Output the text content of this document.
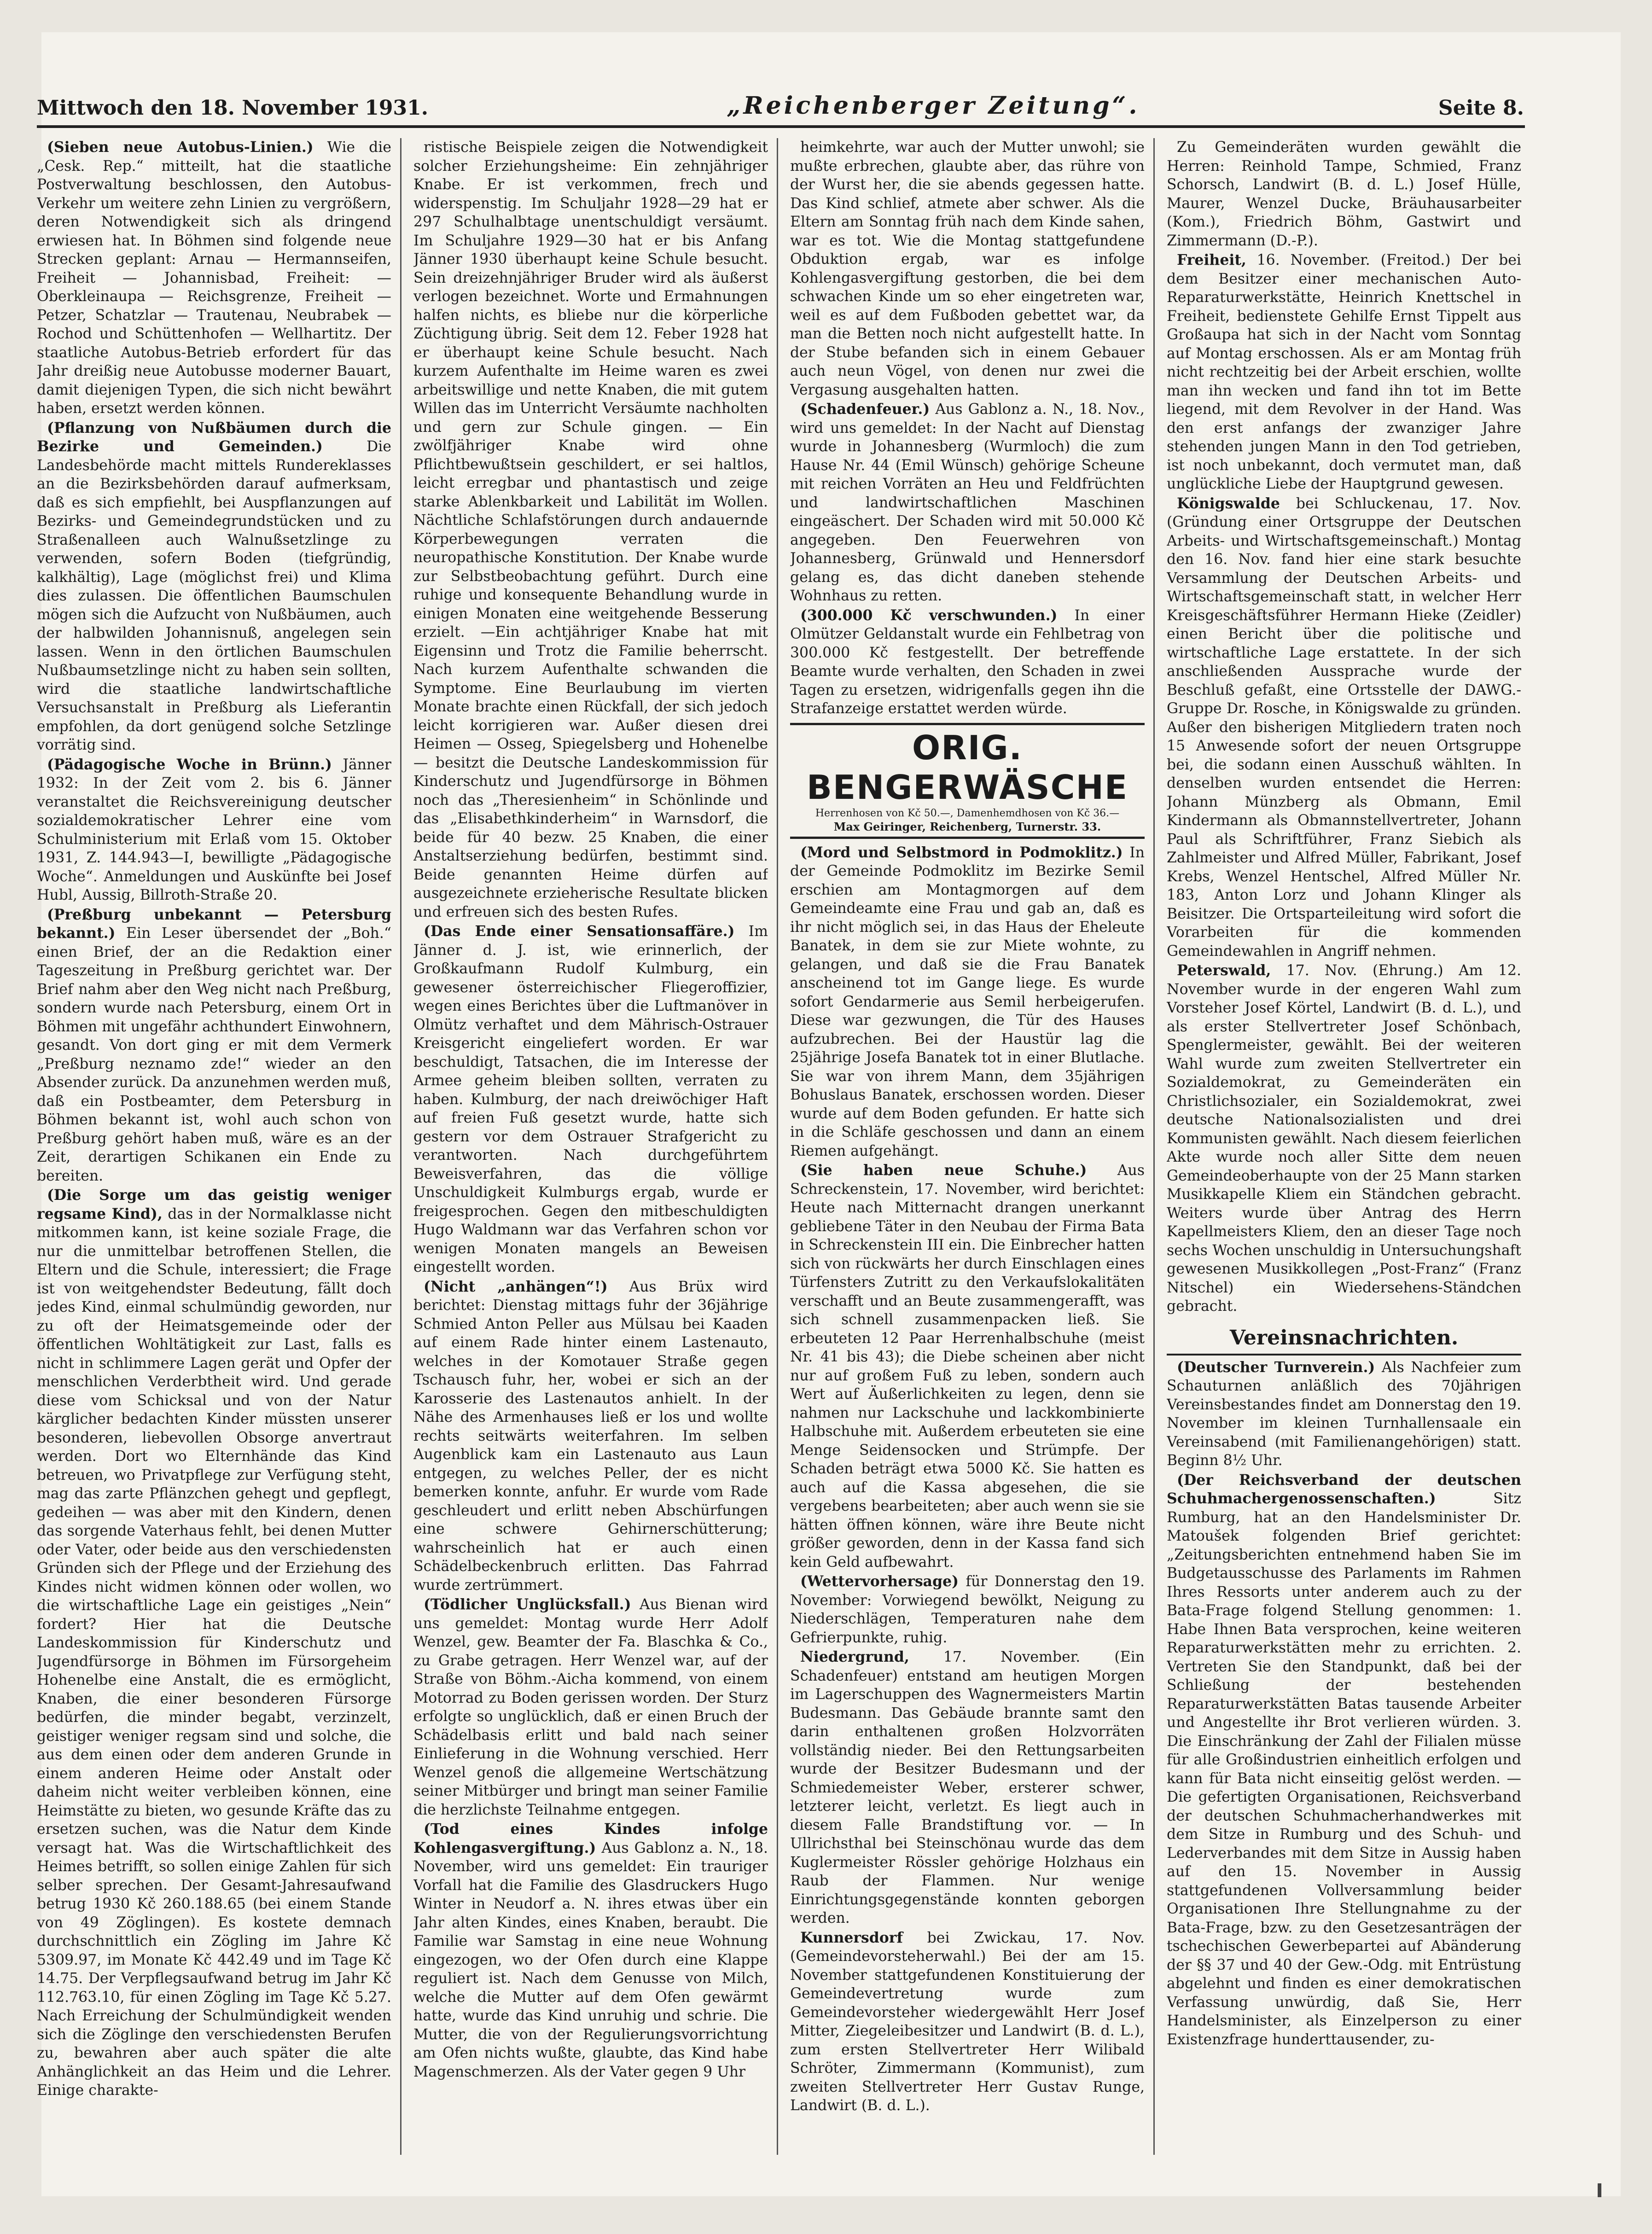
Mittwoch den 18. November 1931.	„Reichenberger Zeitung“.	Seite 8.

(Sieben neue Autobus-Linien.) Wie die „Cesk. Rep.“ mitteilt, hat die staatliche Postverwaltung beschlossen, den Autobus-Verkehr um weitere zehn Linien zu vergrößern, deren Notwendigkeit sich als dringend erwiesen hat. In Böhmen sind folgende neue Strecken geplant: Arnau — Hermannseifen, Freiheit — Johannisbad, Freiheit: — Oberkleinaupa — Reichsgrenze, Freiheit — Petzer, Schatzlar — Trautenau, Neubrabek — Rochod und Schüttenhofen — Wellhartitz. Der staatliche Autobus-Betrieb erfordert für das Jahr dreißig neue Autobusse moderner Bauart, damit diejenigen Typen, die sich nicht bewährt haben, ersetzt werden können.

(Pflanzung von Nußbäumen durch die Bezirke und Gemeinden.)	Die Landesbehörde macht mittels Rundereklasses an die Bezirksbehörden darauf aufmerksam, daß es sich empfiehlt, bei Auspflanzungen auf Bezirks- und Gemeindegrundstücken und zu Straßenalleen auch Walnußsetzlinge zu verwenden, sofern Boden (tiefgründig, kalkhältig), Lage (möglichst frei) und Klima dies zulassen. Die öffentlichen Baumschulen mögen sich die Aufzucht von Nußbäumen, auch der halbwilden Johannisnuß, angelegen sein lassen. Wenn in den örtlichen Baumschulen Nußbaumsetzlinge nicht zu haben sein sollten, wird die staatliche landwirtschaftliche Versuchsanstalt in Preßburg als Lieferantin empfohlen, da dort genügend solche Setzlinge vorrätig sind.

(Pädagogische Woche in Brünn.) Jänner 1932: In der Zeit vom 2. bis 6. Jänner veranstaltet die Reichsvereinigung deutscher sozialdemokratischer Lehrer eine vom Schulministerium mit Erlaß vom 15. Oktober 1931, Z. 144.943—I, bewilligte „Pädagogische Woche“. Anmeldungen und Auskünfte bei Josef Hubl, Aussig, Billroth-Straße 20.

(Preßburg unbekannt — Petersburg bekannt.) Ein Leser übersendet der „Boh.“ einen Brief, der an die Redaktion einer Tageszeitung in Preßburg gerichtet war. Der Brief nahm aber den Weg nicht nach Preßburg, sondern wurde nach Petersburg, einem Ort in Böhmen mit ungefähr achthundert Einwohnern, gesandt. Von dort ging er mit dem Vermerk „Preßburg neznamo zde!“ wieder an den Absender zurück. Da anzunehmen werden muß, daß ein Postbeamter, dem Petersburg in Böhmen bekannt ist, wohl auch schon von Preßburg gehört haben muß, wäre es an der Zeit, derartigen Schikanen ein Ende zu bereiten.

(Die Sorge um das geistig weniger regsame Kind), das in der Normalklasse nicht mitkommen kann, ist keine soziale Frage, die nur die unmittelbar betroffenen Stellen, die Eltern und die Schule, interessiert; die Frage ist von weitgehendster Bedeutung, fällt doch jedes Kind, einmal schulmündig geworden, nur zu oft der Heimatsgemeinde oder der öffentlichen Wohltätigkeit zur Last, falls es nicht in schlimmere Lagen gerät und Opfer der menschlichen Verderbtheit wird. Und gerade diese vom Schicksal und von der Natur kärglicher bedachten Kinder müssten unserer besonderen, liebevollen Obsorge anvertraut werden. Dort wo Elternhände das Kind betreuen, wo Privatpflege zur Verfügung steht, mag das zarte Pflänzchen gehegt und gepflegt, gedeihen — was aber mit den Kindern, denen das sorgende Vaterhaus fehlt, bei denen Mutter oder Vater, oder beide aus den verschiedensten Gründen sich der Pflege und der Erziehung des Kindes nicht widmen können oder wollen, wo die wirtschaftliche Lage ein geistiges „Nein“ fordert? Hier hat die Deutsche Landeskommission für Kinderschutz und Jugendfürsorge in Böhmen im Fürsorgeheim Hohenelbe eine Anstalt, die es ermöglicht, Knaben, die einer besonderen Fürsorge bedürfen, die minder begabt, verzinzelt, geistiger weniger regsam sind und solche, die aus dem einen oder dem anderen Grunde in einem anderen Heime oder Anstalt oder daheim nicht weiter verbleiben können, eine Heimstätte zu bieten, wo gesunde Kräfte das zu ersetzen suchen, was die Natur dem Kinde versagt hat. Was die Wirtschaftlichkeit des Heimes betrifft, so sollen einige Zahlen für sich selber sprechen. Der Gesamt-Jahresaufwand betrug 1930 Kč 260.188.65 (bei einem Stande von 49 Zöglingen). Es kostete demnach durchschnittlich ein Zögling im Jahre Kč 5309.97, im Monate Kč 442.49 und im Tage Kč 14.75. Der Verpflegsaufwand betrug im Jahr Kč 112.763.10, für einen Zögling im Tage Kč 5.27. Nach Erreichung der Schulmündigkeit wenden sich die Zöglinge den verschiedensten Berufen zu, bewahren aber auch später die alte Anhänglichkeit an das Heim und die Lehrer. Einige charakte-

ristische Beispiele zeigen die Notwendigkeit solcher Erziehungsheime: Ein zehnjähriger Knabe. Er ist verkommen, frech und widerspenstig. Im Schuljahr 1928—29 hat er 297 Schulhalbtage unentschuldigt versäumt. Im Schuljahre 1929—30 hat er bis Anfang Jänner 1930 überhaupt keine Schule besucht. Sein dreizehnjähriger Bruder wird als äußerst verlogen bezeichnet. Worte und Ermahnungen halfen nichts, es bliebe nur die körperliche Züchtigung übrig. Seit dem 12. Feber 1928 hat er überhaupt keine Schule besucht. Nach kurzem Aufenthalte im Heime waren es zwei arbeitswillige und nette Knaben, die mit gutem Willen das im Unterricht Versäumte nachholten und gern zur Schule gingen. — Ein zwölfjähriger Knabe wird ohne Pflichtbewußtsein geschildert, er sei haltlos, leicht erregbar und phantastisch und zeige starke Ablenkbarkeit und Labilität im Wollen. Nächtliche Schlafstörungen durch andauernde Körperbewegungen verraten die neuropathische Konstitution. Der Knabe wurde zur Selbstbeobachtung geführt. Durch eine ruhige und konsequente Behandlung wurde in einigen Monaten eine weitgehende Besserung erzielt. —Ein achtjähriger Knabe hat mit Eigensinn und Trotz die Familie beherrscht. Nach kurzem Aufenthalte schwanden die Symptome. Eine Beurlaubung im vierten Monate brachte einen Rückfall, der sich jedoch leicht korrigieren war. Außer diesen drei Heimen — Osseg, Spiegelsberg und Hohenelbe — besitzt die Deutsche Landeskommission für Kinderschutz und Jugendfürsorge in Böhmen noch das „Theresienheim“ in Schönlinde und das „Elisabethkinderheim“ in Warnsdorf, die beide für 40 bezw. 25 Knaben, die einer Anstaltserziehung bedürfen, bestimmt sind. Beide genannten Heime dürfen auf ausgezeichnete erzieherische Resultate blicken und erfreuen sich des besten Rufes.

(Das Ende einer Sensationsaffäre.) Im Jänner d. J. ist, wie erinnerlich, der Großkaufmann Rudolf Kulmburg, ein gewesener österreichischer Fliegeroffizier, wegen eines Berichtes über die Luftmanöver in Olmütz verhaftet und dem Mährisch-Ostrauer Kreisgericht eingeliefert worden. Er war beschuldigt, Tatsachen, die im Interesse der Armee geheim bleiben sollten, verraten zu haben. Kulmburg, der nach dreiwöchiger Haft auf freien Fuß gesetzt wurde, hatte sich gestern vor dem Ostrauer Strafgericht zu verantworten. Nach durchgeführtem Beweisverfahren, das die völlige Unschuldigkeit Kulmburgs ergab, wurde er freigesprochen. Gegen den mitbeschuldigten Hugo Waldmann war das Verfahren schon vor wenigen Monaten mangels an Beweisen eingestellt worden.

(Nicht „anhängen“!) Aus Brüx wird berichtet: Dienstag mittags fuhr der 36jährige Schmied Anton Peller aus Mülsau bei Kaaden auf einem Rade hinter einem Lastenauto, welches in der Komotauer Straße gegen Tschausch fuhr, her, wobei er sich an der Karosserie des Lastenautos anhielt. In der Nähe des Armenhauses ließ er los und wollte rechts seitwärts weiterfahren. Im selben Augenblick kam ein Lastenauto aus Laun entgegen, zu welches Peller, der es nicht bemerken konnte, anfuhr. Er wurde vom Rade geschleudert und erlitt neben Abschürfungen eine schwere Gehirnerschütterung; wahrscheinlich hat er auch einen Schädelbeckenbruch erlitten. Das Fahrrad wurde zertrümmert.

(Tödlicher Unglücksfall.) Aus Bienan wird uns gemeldet: Montag wurde Herr Adolf Wenzel, gew. Beamter der Fa. Blaschka & Co., zu Grabe getragen. Herr Wenzel war, auf der Straße von Böhm.-Aicha kommend, von einem Motorrad zu Boden gerissen worden. Der Sturz erfolgte so unglücklich, daß er einen Bruch der Schädelbasis erlitt und bald nach seiner Einlieferung in die Wohnung verschied. Herr Wenzel genoß die allgemeine Wertschätzung seiner Mitbürger und bringt man seiner Familie die herzlichste Teilnahme entgegen.

(Tod eines Kindes infolge Kohlengasvergiftung.) Aus Gablonz a. N., 18. November, wird uns gemeldet: Ein trauriger Vorfall hat die Familie des Glasdruckers Hugo Winter in Neudorf a. N. ihres etwas über ein Jahr alten Kindes, eines Knaben, beraubt. Die Familie war Samstag in eine neue Wohnung eingezogen, wo der Ofen durch eine Klappe reguliert ist. Nach dem Genusse von Milch, welche die Mutter auf dem Ofen gewärmt hatte, wurde das Kind unruhig und schrie. Die Mutter, die von der Regulierungsvorrichtung am Ofen nichts wußte, glaubte, das Kind habe Magenschmerzen. Als der Vater gegen 9 Uhr

heimkehrte, war auch der Mutter unwohl; sie mußte erbrechen, glaubte aber, das rühre von der Wurst her, die sie abends gegessen hatte. Das Kind schlief, atmete aber schwer. Als die Eltern am Sonntag früh nach dem Kinde sahen, war es tot. Wie die Montag stattgefundene Obduktion ergab, war es infolge Kohlengasvergiftung gestorben, die bei dem schwachen Kinde um so eher eingetreten war, weil es auf dem Fußboden gebettet war, da man die Betten noch nicht aufgestellt hatte. In der Stube befanden sich in einem Gebauer auch neun Vögel, von denen nur zwei die Vergasung ausgehalten hatten.

(Schadenfeuer.) Aus Gablonz a. N., 18. Nov., wird uns gemeldet: In der Nacht auf Dienstag wurde in Johannesberg (Wurmloch) die zum Hause Nr. 44 (Emil Wünsch) gehörige Scheune mit reichen Vorräten an Heu und Feldfrüchten und landwirtschaftlichen Maschinen eingeäschert. Der Schaden wird mit 50.000 Kč angegeben. Den Feuerwehren von Johannesberg, Grünwald und Hennersdorf gelang es, das dicht daneben stehende Wohnhaus zu retten.

(300.000 Kč verschwunden.) In einer Olmützer Geldanstalt wurde ein Fehlbetrag von 300.000 Kč festgestellt. Der betreffende Beamte wurde verhalten, den Schaden in zwei Tagen zu ersetzen, widrigenfalls gegen ihn die Strafanzeige erstattet werden würde.

ORIG. BENGERWÄSCHE
Herrenhosen von Kč 50.—, Damenhemdhosen von Kč 36.—
Max Geiringer, Reichenberg, Turnerstr. 33.

(Mord und Selbstmord in Podmoklitz.) In der Gemeinde Podmoklitz im Bezirke Semil erschien am Montagmorgen auf dem Gemeindeamte eine Frau und gab an, daß es ihr nicht möglich sei, in das Haus der Eheleute Banatek, in dem sie zur Miete wohnte, zu gelangen, und daß sie die Frau Banatek anscheinend tot im Gange liege. Es wurde sofort Gendarmerie aus Semil herbeigerufen. Diese war gezwungen, die Tür des Hauses aufzubrechen. Bei der Haustür lag die 25jährige Josefa Banatek tot in einer Blutlache. Sie war von ihrem Mann, dem 35jährigen Bohuslaus Banatek, erschossen worden. Dieser wurde auf dem Boden gefunden. Er hatte sich in die Schläfe geschossen und dann an einem Riemen aufgehängt.

(Sie haben neue Schuhe.) Aus Schreckenstein, 17. November, wird berichtet: Heute nach Mitternacht drangen unerkannt gebliebene Täter in den Neubau der Firma Bata in Schreckenstein III ein. Die Einbrecher hatten sich von rückwärts her durch Einschlagen eines Türfensters Zutritt zu den Verkaufslokalitäten verschafft und an Beute zusammengerafft, was sich schnell zusammenpacken ließ. Sie erbeuteten 12 Paar Herrenhalbschuhe (meist Nr. 41 bis 43); die Diebe scheinen aber nicht nur auf großem Fuß zu leben, sondern auch Wert auf Äußerlichkeiten zu legen, denn sie nahmen nur Lackschuhe und lackkombinierte Halbschuhe mit. Außerdem erbeuteten sie eine Menge Seidensocken und Strümpfe. Der Schaden beträgt etwa 5000 Kč. Sie hatten es auch auf die Kassa abgesehen, die sie vergebens bearbeiteten; aber auch wenn sie sie hätten öffnen können, wäre ihre Beute nicht größer geworden, denn in der Kassa fand sich kein Geld aufbewahrt.

(Wettervorhersage) für Donnerstag den 19. November: Vorwiegend bewölkt, Neigung zu Niederschlägen, Temperaturen nahe dem Gefrierpunkte, ruhig.

Niedergrund, 17. November. (Ein Schadenfeuer) entstand am heutigen Morgen im Lagerschuppen des Wagnermeisters Martin Budesmann. Das Gebäude brannte samt den darin enthaltenen großen Holzvorräten vollständig nieder. Bei den Rettungsarbeiten wurde der Besitzer Budesmann und der Schmiedemeister Weber, ersterer schwer, letzterer leicht, verletzt. Es liegt auch in diesem Falle Brandstiftung vor. — In Ullrichsthal bei Steinschönau wurde das dem Kuglermeister Rössler gehörige Holzhaus ein Raub der Flammen. Nur wenige Einrichtungsgegenstände konnten geborgen werden.

Kunnersdorf bei Zwickau, 17. Nov. (Gemeindevorsteherwahl.) Bei der am 15. November stattgefundenen Konstituierung der Gemeindevertretung wurde zum Gemeindevorsteher wiedergewählt Herr Josef Mitter, Ziegeleibesitzer und Landwirt (B. d. L.), zum ersten Stellvertreter Herr Wilibald Schröter, Zimmermann (Kommunist), zum zweiten Stellvertreter Herr Gustav Runge, Landwirt (B. d. L.).

Zu Gemeinderäten wurden gewählt die Herren: Reinhold Tampe, Schmied, Franz Schorsch, Landwirt (B. d. L.) Josef Hülle, Maurer, Wenzel Ducke, Bräuhausarbeiter (Kom.), Friedrich Böhm, Gastwirt und Zimmermann (D.-P.).

Freiheit, 16. November. (Freitod.) Der bei dem Besitzer einer mechanischen Auto-Reparaturwerkstätte, Heinrich Knettschel in Freiheit, bedienstete Gehilfe Ernst Tippelt aus Großaupa hat sich in der Nacht vom Sonntag auf Montag erschossen. Als er am Montag früh nicht rechtzeitig bei der Arbeit erschien, wollte man ihn wecken und fand ihn tot im Bette liegend, mit dem Revolver in der Hand. Was den erst anfangs der zwanziger Jahre stehenden jungen Mann in den Tod getrieben, ist noch unbekannt, doch vermutet man, daß unglückliche Liebe der Hauptgrund gewesen.

Königswalde bei Schluckenau, 17. Nov. (Gründung einer Ortsgruppe der Deutschen Arbeits- und Wirtschaftsgemeinschaft.) Montag den 16. Nov. fand hier eine stark besuchte Versammlung der Deutschen Arbeits- und Wirtschaftsgemeinschaft statt, in welcher Herr Kreisgeschäftsführer Hermann Hieke (Zeidler) einen Bericht über die politische und wirtschaftliche Lage erstattete. In der sich anschließenden Aussprache wurde der Beschluß gefaßt, eine Ortsstelle der DAWG.-Gruppe Dr. Rosche, in Königswalde zu gründen. Außer den bisherigen Mitgliedern traten noch 15 Anwesende sofort der neuen Ortsgruppe bei, die sodann einen Ausschuß wählten. In denselben wurden entsendet die Herren: Johann Münzberg als Obmann, Emil Kindermann als Obmannstellvertreter, Johann Paul als Schriftführer, Franz Siebich als Zahlmeister und Alfred Müller, Fabrikant, Josef Krebs, Wenzel Hentschel, Alfred Müller Nr. 183, Anton Lorz und Johann Klinger als Beisitzer. Die Ortsparteileitung wird sofort die Vorarbeiten für die kommenden Gemeindewahlen in Angriff nehmen.

Peterswald, 17. Nov. (Ehrung.) Am 12. November wurde in der engeren Wahl zum Vorsteher Josef Körtel, Landwirt (B. d. L.), und als erster Stellvertreter Josef Schönbach, Spenglermeister, gewählt. Bei der weiteren Wahl wurde zum zweiten Stellvertreter ein Sozialdemokrat, zu Gemeinderäten ein Christlichsozialer, ein Sozialdemokrat, zwei deutsche Nationalsozialisten und drei Kommunisten gewählt. Nach diesem feierlichen Akte wurde noch aller Sitte dem neuen Gemeindeoberhaupte von der 25 Mann starken Musikkapelle Kliem ein Ständchen gebracht. Weiters wurde über Antrag des Herrn Kapellmeisters Kliem, den an dieser Tage noch sechs Wochen unschuldig in Untersuchungshaft gewesenen Musikkollegen „Post-Franz“ (Franz Nitschel) ein Wiedersehens-Ständchen gebracht.

Vereinsnachrichten.

(Deutscher Turnverein.) Als Nachfeier zum Schauturnen anläßlich des 70jährigen Vereinsbestandes findet am Donnerstag den 19. November im kleinen Turnhallensaale ein Vereinsabend (mit Familienangehörigen) statt. Beginn 8½ Uhr.

(Der Reichsverband der deutschen Schuhmachergenossenschaften.)	Sitz Rumburg, hat an den Handelsminister Dr. Matoušek folgenden Brief gerichtet: „Zeitungsberichten entnehmend haben Sie im Budgetausschusse des Parlaments im Rahmen Ihres Ressorts unter anderem auch zu der Bata-Frage folgend Stellung genommen: 1. Habe Ihnen Bata versprochen, keine weiteren Reparaturwerkstätten mehr zu errichten. 2. Vertreten Sie den Standpunkt, daß bei der Schließung der bestehenden Reparaturwerkstätten Batas tausende Arbeiter und Angestellte ihr Brot verlieren würden. 3. Die Einschränkung der Zahl der Filialen müsse für alle Großindustrien einheitlich erfolgen und kann für Bata nicht einseitig gelöst werden. — Die gefertigten Organisationen, Reichsverband der deutschen Schuhmacherhandwerkes mit dem Sitze in Rumburg und des Schuh- und Lederverbandes mit dem Sitze in Aussig haben auf den 15. November in Aussig stattgefundenen Vollversammlung beider Organisationen Ihre Stellungnahme zu der Bata-Frage, bzw. zu den Gesetzesanträgen der tschechischen Gewerbepartei auf Abänderung der §§ 37 und 40 der Gew.-Odg. mit Entrüstung abgelehnt und finden es einer demokratischen Verfassung unwürdig, daß Sie, Herr Handelsminister, als Einzelperson zu einer Existenzfrage hunderttausender, zu-
